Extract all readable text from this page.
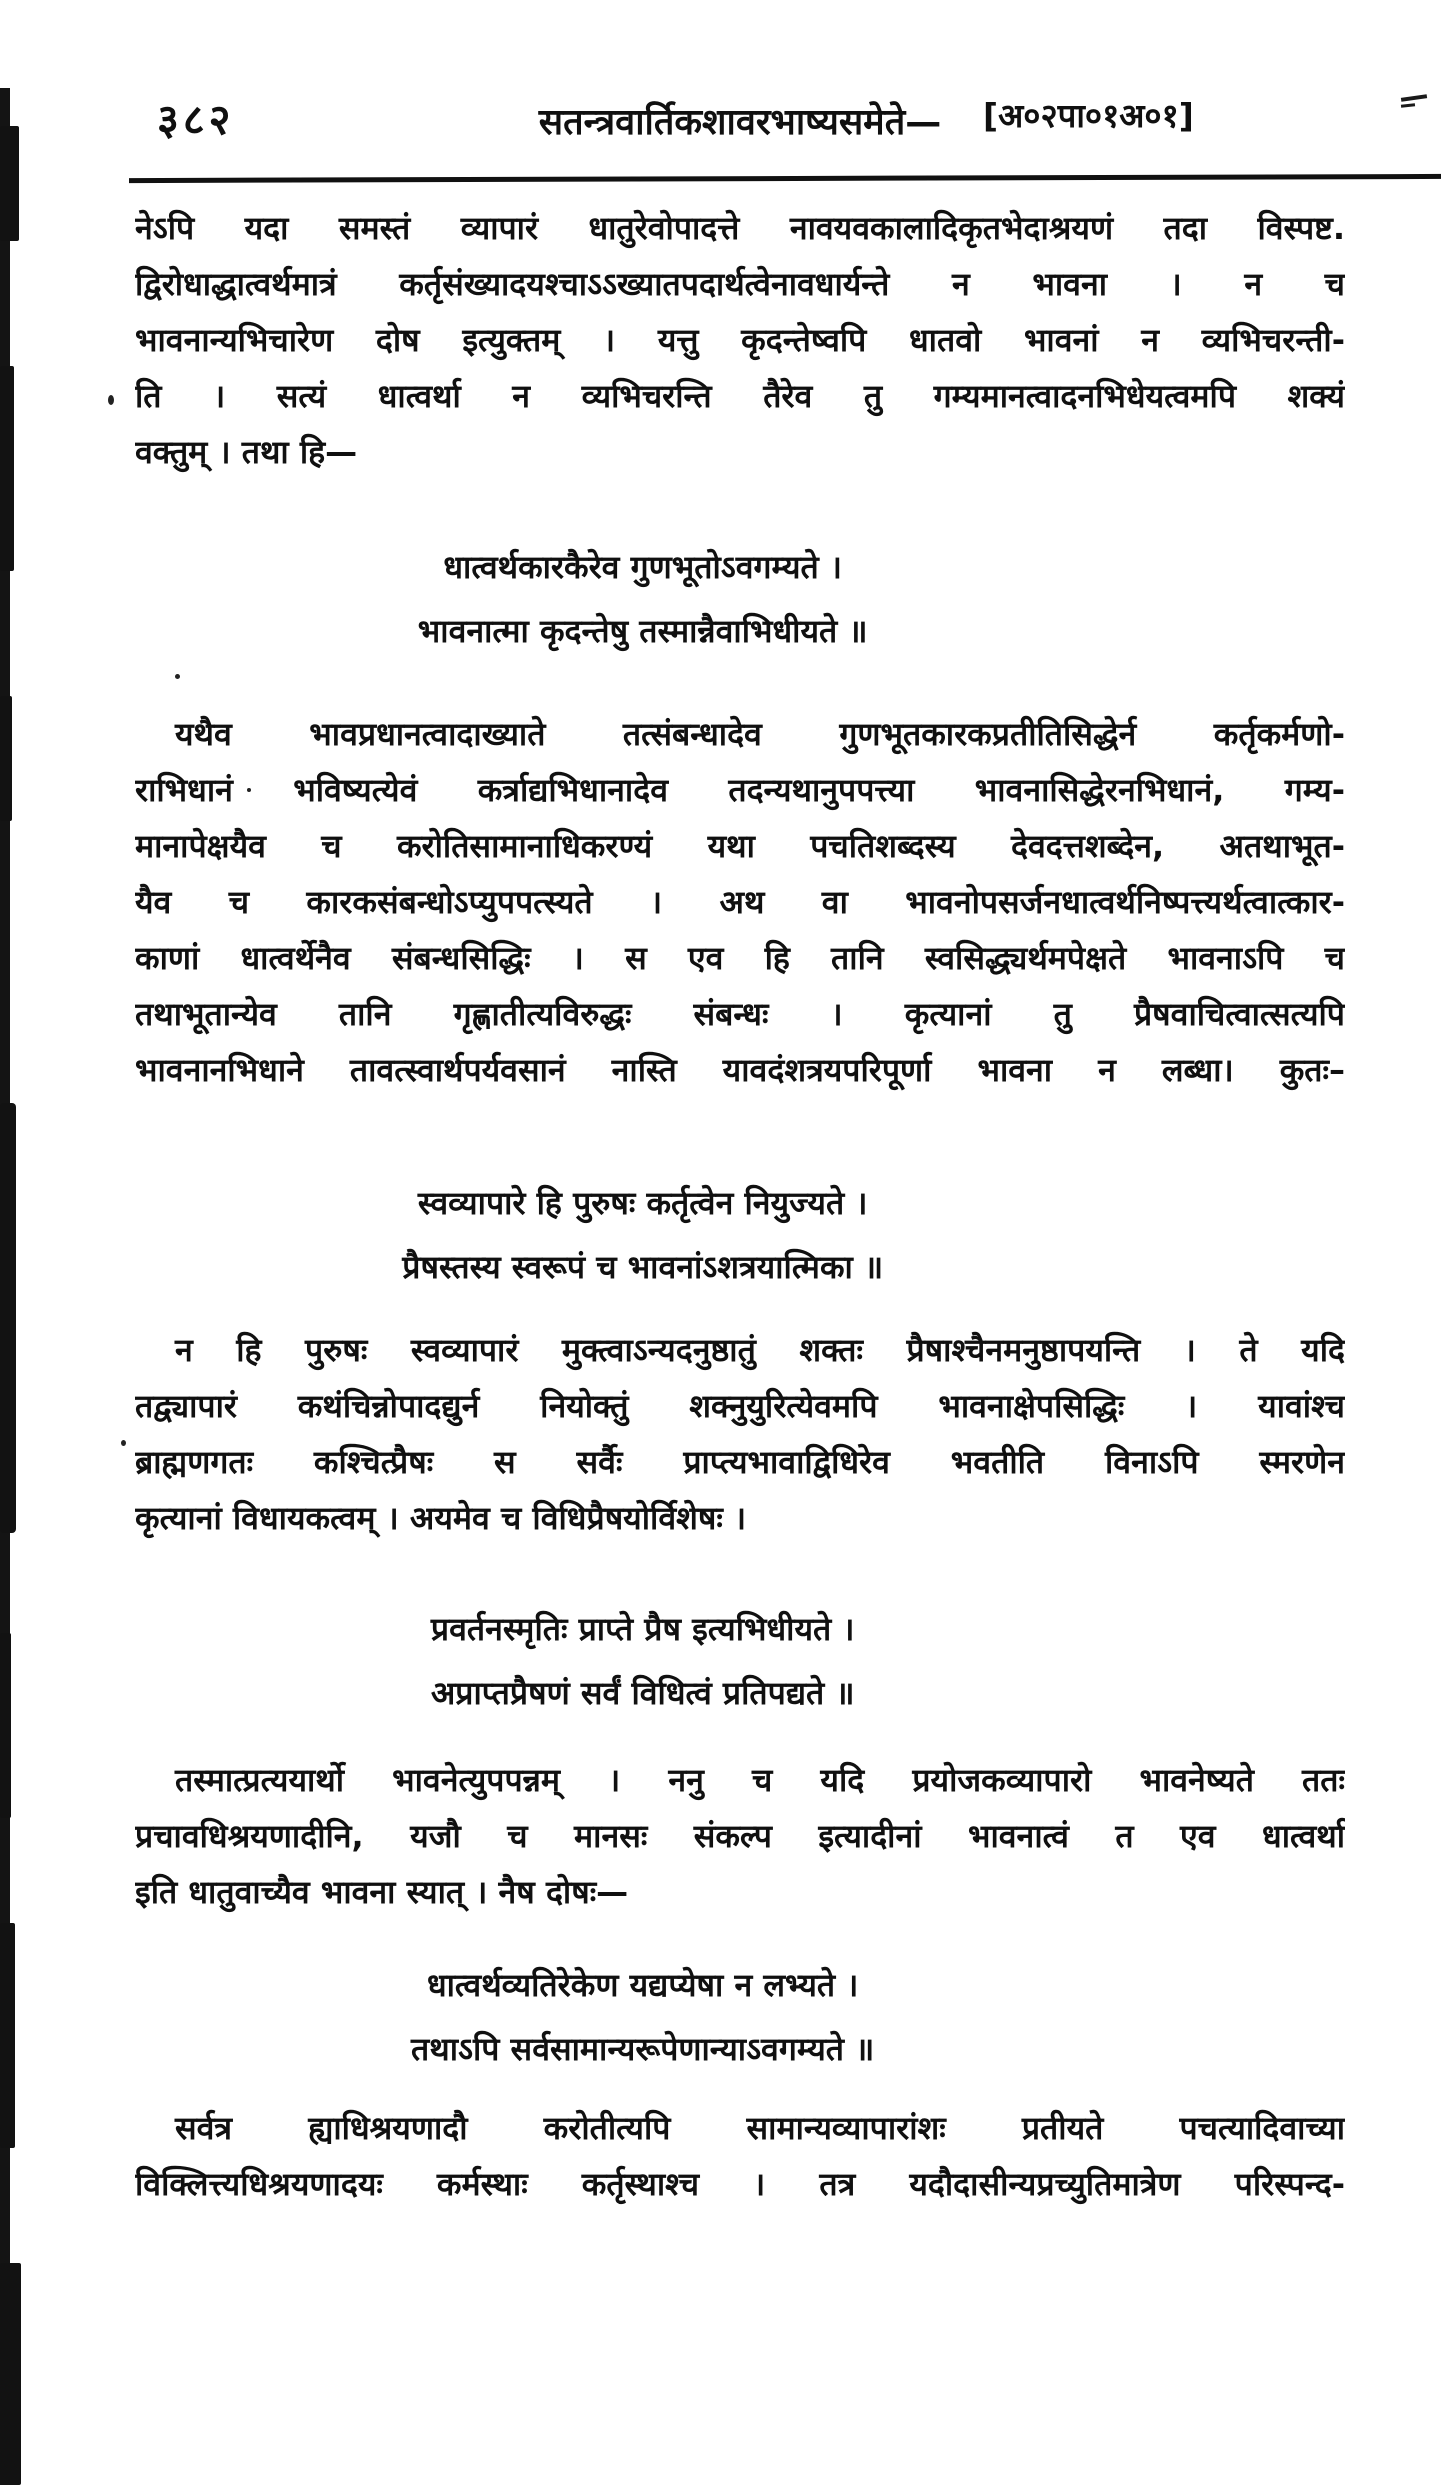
३८२	सतन्त्रवार्तिकशावरभाष्यसमेते—	[अ०२पा०१अ०१]
नेऽपि यदा समस्तं व्यापारं धातुरेवोपादत्ते नावयवकालादिकृतभेदाश्रयणं तदा विस्पष्ट.
द्विरोधाद्धात्वर्थमात्रं कर्तृसंख्यादयश्चाऽऽख्यातपदार्थत्वेनावधार्यन्ते न भावना । न च
भावनान्यभिचारेण दोष इत्युक्तम् । यत्तु कृदन्तेष्वपि धातवो भावनां न व्यभिचरन्ती-
ति । सत्यं धात्वर्था न व्यभिचरन्ति तैरेव तु गम्यमानत्वादनभिधेयत्वमपि शक्यं
वक्तुम् । तथा हि—
धात्वर्थकारकैरेव गुणभूतोऽवगम्यते ।
भावनात्मा कृदन्तेषु तस्मान्नैवाभिधीयते ॥
यथैव भावप्रधानत्वादाख्याते तत्संबन्धादेव गुणभूतकारकप्रतीतिसिद्धेर्न कर्तृकर्मणो-
राभिधानं भविष्यत्येवं कर्त्राद्यभिधानादेव तदन्यथानुपपत्त्या भावनासिद्धेरनभिधानं, गम्य-
मानापेक्षयैव च करोतिसामानाधिकरण्यं यथा पचतिशब्दस्य देवदत्तशब्देन, अतथाभूत-
यैव च कारकसंबन्धोऽप्युपपत्स्यते । अथ वा भावनोपसर्जनधात्वर्थनिष्पत्त्यर्थत्वात्कार-
काणां धात्वर्थेनैव संबन्धसिद्धिः । स एव हि तानि स्वसिद्ध्यर्थमपेक्षते भावनाऽपि च
तथाभूतान्येव तानि गृह्णातीत्यविरुद्धः संबन्धः । कृत्यानां तु प्रैषवाचित्वात्सत्यपि
भावनानभिधाने तावत्स्वार्थपर्यवसानं नास्ति यावदंशत्रयपरिपूर्णा भावना न लब्धा। कुतः–
स्वव्यापारे हि पुरुषः कर्तृत्वेन नियुज्यते ।
प्रैषस्तस्य स्वरूपं च भावनांऽशत्रयात्मिका ॥
न हि पुरुषः स्वव्यापारं मुक्त्वाऽन्यदनुष्ठातुं शक्तः प्रैषाश्चैनमनुष्ठापयन्ति । ते यदि
तद्व्यापारं कथंचिन्नोपादद्युर्न नियोक्तुं शक्नुयुरित्येवमपि भावनाक्षेपसिद्धिः । यावांश्च
ब्राह्मणगतः कश्चित्प्रैषः स सर्वैः प्राप्त्यभावाद्विधिरेव भवतीति विनाऽपि स्मरणेन
कृत्यानां विधायकत्वम् । अयमेव च विधिप्रैषयोर्विशेषः ।
प्रवर्तनस्मृतिः प्राप्ते प्रैष इत्यभिधीयते ।
अप्राप्तप्रैषणं सर्वं विधित्वं प्रतिपद्यते ॥
तस्मात्प्रत्ययार्थो भावनेत्युपपन्नम् । ननु च यदि प्रयोजकव्यापारो भावनेष्यते ततः
प्रचावधिश्रयणादीनि, यजौ च मानसः संकल्प इत्यादीनां भावनात्वं त एव धात्वर्था
इति धातुवाच्यैव भावना स्यात् । नैष दोषः—
धात्वर्थव्यतिरेकेण यद्यप्येषा न लभ्यते ।
तथाऽपि सर्वसामान्यरूपेणान्याऽवगम्यते ॥
सर्वत्र ह्याधिश्रयणादौ करोतीत्यपि सामान्यव्यापारांशः प्रतीयते पचत्यादिवाच्या
विक्लित्त्यधिश्रयणादयः कर्मस्थाः कर्तृस्थाश्च । तत्र यदौदासीन्यप्रच्युतिमात्रेण परिस्पन्द-
